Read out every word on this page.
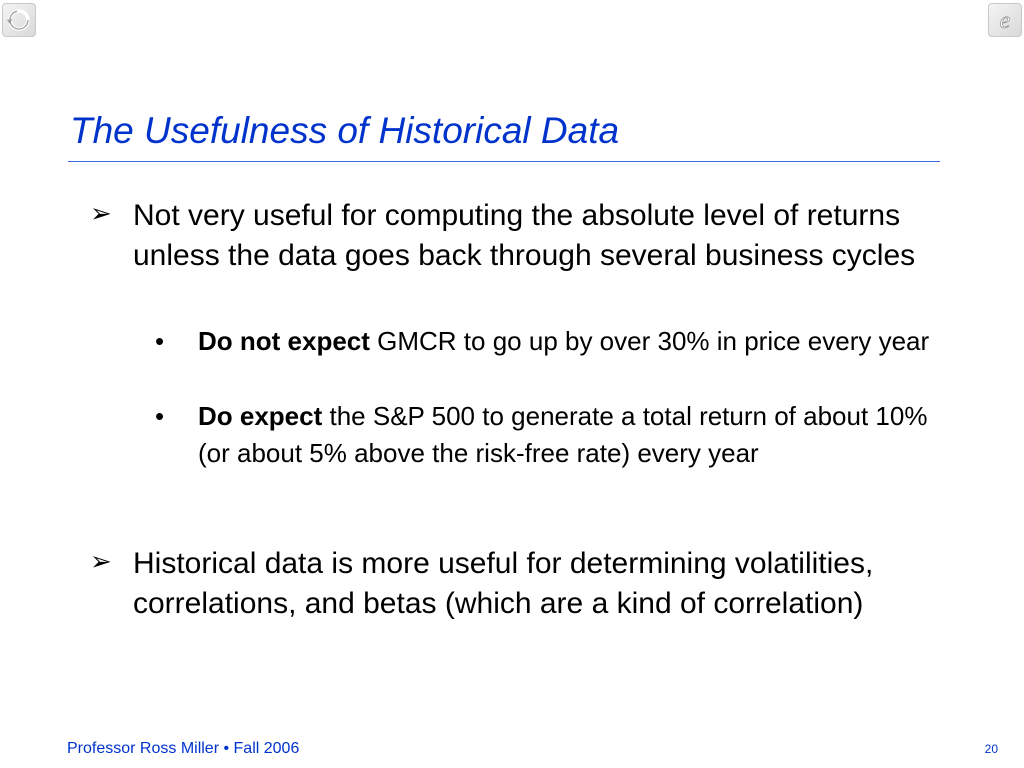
e
The Usefulness of Historical Data
➢ Not very useful for computing the absolute level of returns unless the data goes back through several business cycles
• Do not expect GMCR to go up by over 30% in price every year
• Do expect the S&P 500 to generate a total return of about 10% (or about 5% above the risk-free rate) every year
➢ Historical data is more useful for determining volatilities, correlations, and betas (which are a kind of correlation)
Professor Ross Miller • Fall 2006	20
